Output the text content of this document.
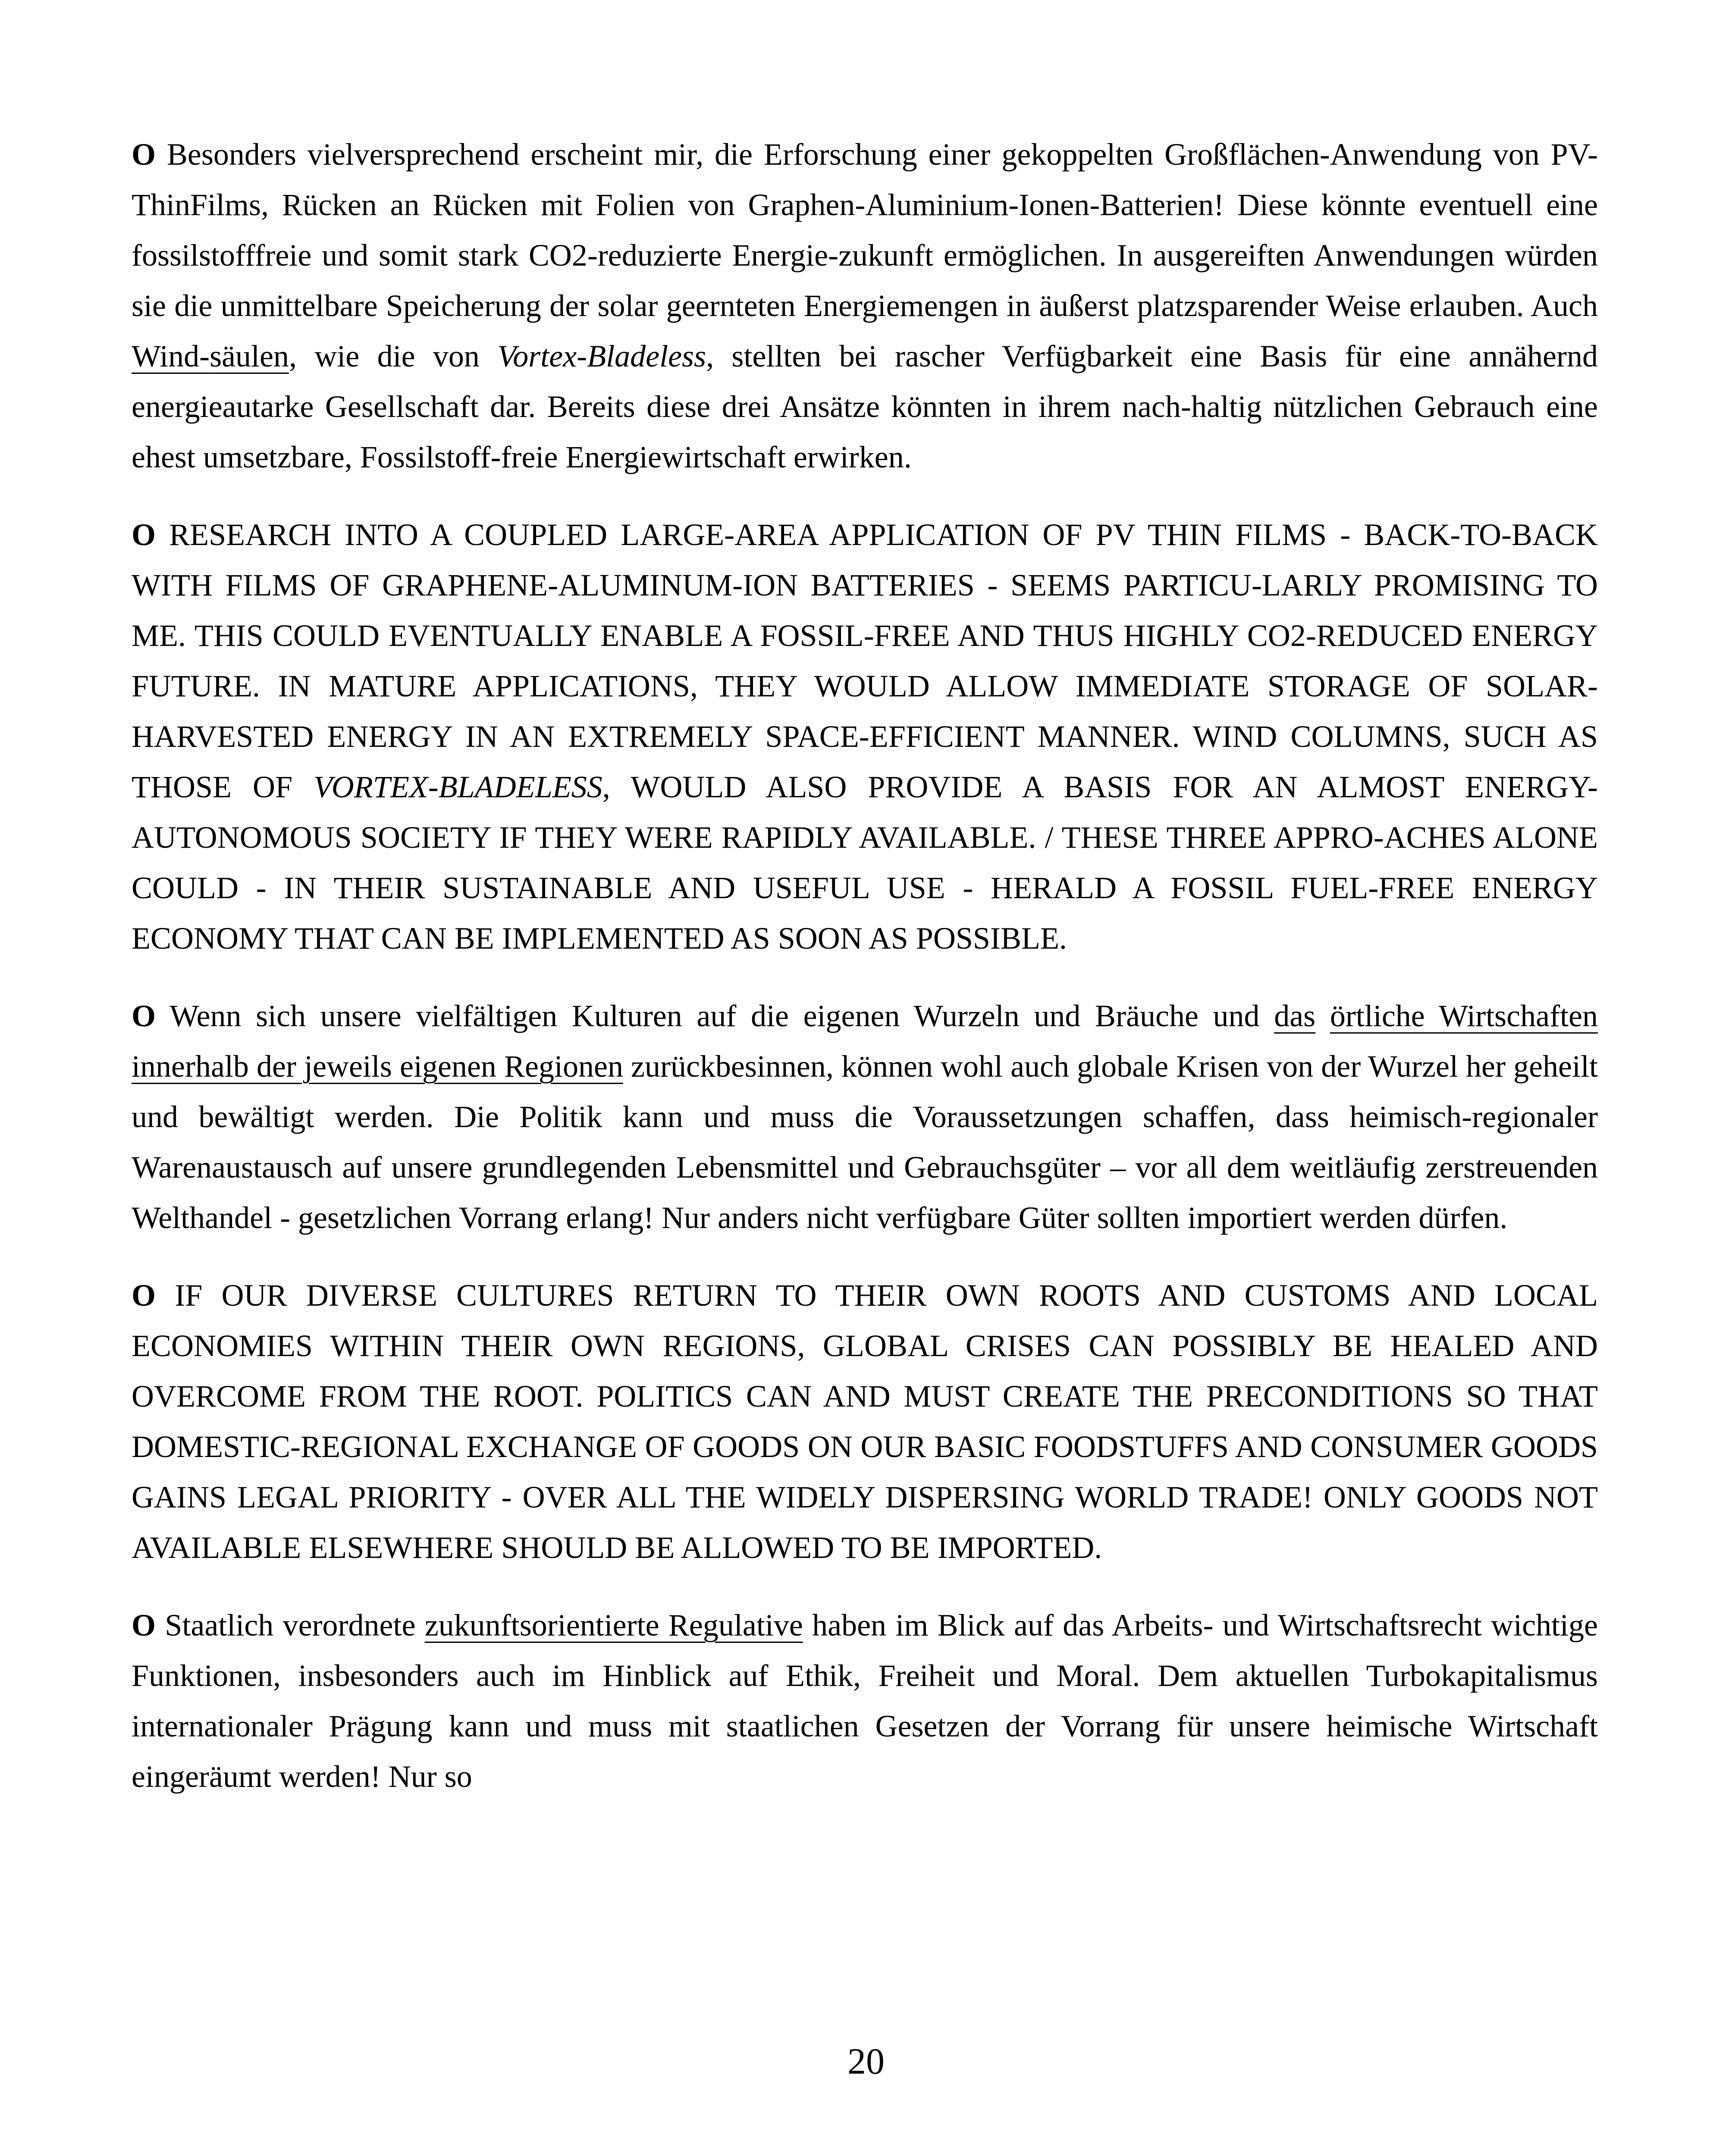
O Besonders vielversprechend erscheint mir, die Erforschung einer gekoppelten Großflächen-Anwendung von PV-ThinFilms, Rücken an Rücken mit Folien von Graphen-Aluminium-Ionen-Batterien! Diese könnte eventuell eine fossilstofffreie und somit stark CO2-reduzierte Energie-zukunft ermöglichen. In ausgereiften Anwendungen würden sie die unmittelbare Speicherung der solar geernteten Energiemengen in äußerst platzsparender Weise erlauben. Auch Wind-säulen, wie die von Vortex-Bladeless, stellten bei rascher Verfügbarkeit eine Basis für eine annähernd energieautarke Gesellschaft dar. Bereits diese drei Ansätze könnten in ihrem nach-haltig nützlichen Gebrauch eine ehest umsetzbare, Fossilstoff-freie Energiewirtschaft erwirken.

O RESEARCH INTO A COUPLED LARGE-AREA APPLICATION OF PV THIN FILMS - BACK-TO-BACK WITH FILMS OF GRAPHENE-ALUMINUM-ION BATTERIES - SEEMS PARTICU-LARLY PROMISING TO ME. THIS COULD EVENTUALLY ENABLE A FOSSIL-FREE AND THUS HIGHLY CO2-REDUCED ENERGY FUTURE. IN MATURE APPLICATIONS, THEY WOULD ALLOW IMMEDIATE STORAGE OF SOLAR-HARVESTED ENERGY IN AN EXTREMELY SPACE-EFFICIENT MANNER. WIND COLUMNS, SUCH AS THOSE OF VORTEX-BLADELESS, WOULD ALSO PROVIDE A BASIS FOR AN ALMOST ENERGY-AUTONOMOUS SOCIETY IF THEY WERE RAPIDLY AVAILABLE. / THESE THREE APPRO-ACHES ALONE COULD - IN THEIR SUSTAINABLE AND USEFUL USE - HERALD A FOSSIL FUEL-FREE ENERGY ECONOMY THAT CAN BE IMPLEMENTED AS SOON AS POSSIBLE.

O Wenn sich unsere vielfältigen Kulturen auf die eigenen Wurzeln und Bräuche und das örtliche Wirtschaften innerhalb der jeweils eigenen Regionen zurückbesinnen, können wohl auch globale Krisen von der Wurzel her geheilt und bewältigt werden. Die Politik kann und muss die Voraussetzungen schaffen, dass heimisch-regionaler Warenaustausch auf unsere grundlegenden Lebensmittel und Gebrauchsgüter – vor all dem weitläufig zerstreuenden Welthandel - gesetzlichen Vorrang erlang! Nur anders nicht verfügbare Güter sollten importiert werden dürfen.

O IF OUR DIVERSE CULTURES RETURN TO THEIR OWN ROOTS AND CUSTOMS AND LOCAL ECONOMIES WITHIN THEIR OWN REGIONS, GLOBAL CRISES CAN POSSIBLY BE HEALED AND OVERCOME FROM THE ROOT. POLITICS CAN AND MUST CREATE THE PRECONDITIONS SO THAT DOMESTIC-REGIONAL EXCHANGE OF GOODS ON OUR BASIC FOODSTUFFS AND CONSUMER GOODS GAINS LEGAL PRIORITY - OVER ALL THE WIDELY DISPERSING WORLD TRADE! ONLY GOODS NOT AVAILABLE ELSEWHERE SHOULD BE ALLOWED TO BE IMPORTED.

O Staatlich verordnete zukunftsorientierte Regulative haben im Blick auf das Arbeits- und Wirtschaftsrecht wichtige Funktionen, insbesonders auch im Hinblick auf Ethik, Freiheit und Moral. Dem aktuellen Turbokapitalismus internationaler Prägung kann und muss mit staatlichen Gesetzen der Vorrang für unsere heimische Wirtschaft eingeräumt werden! Nur so

20
